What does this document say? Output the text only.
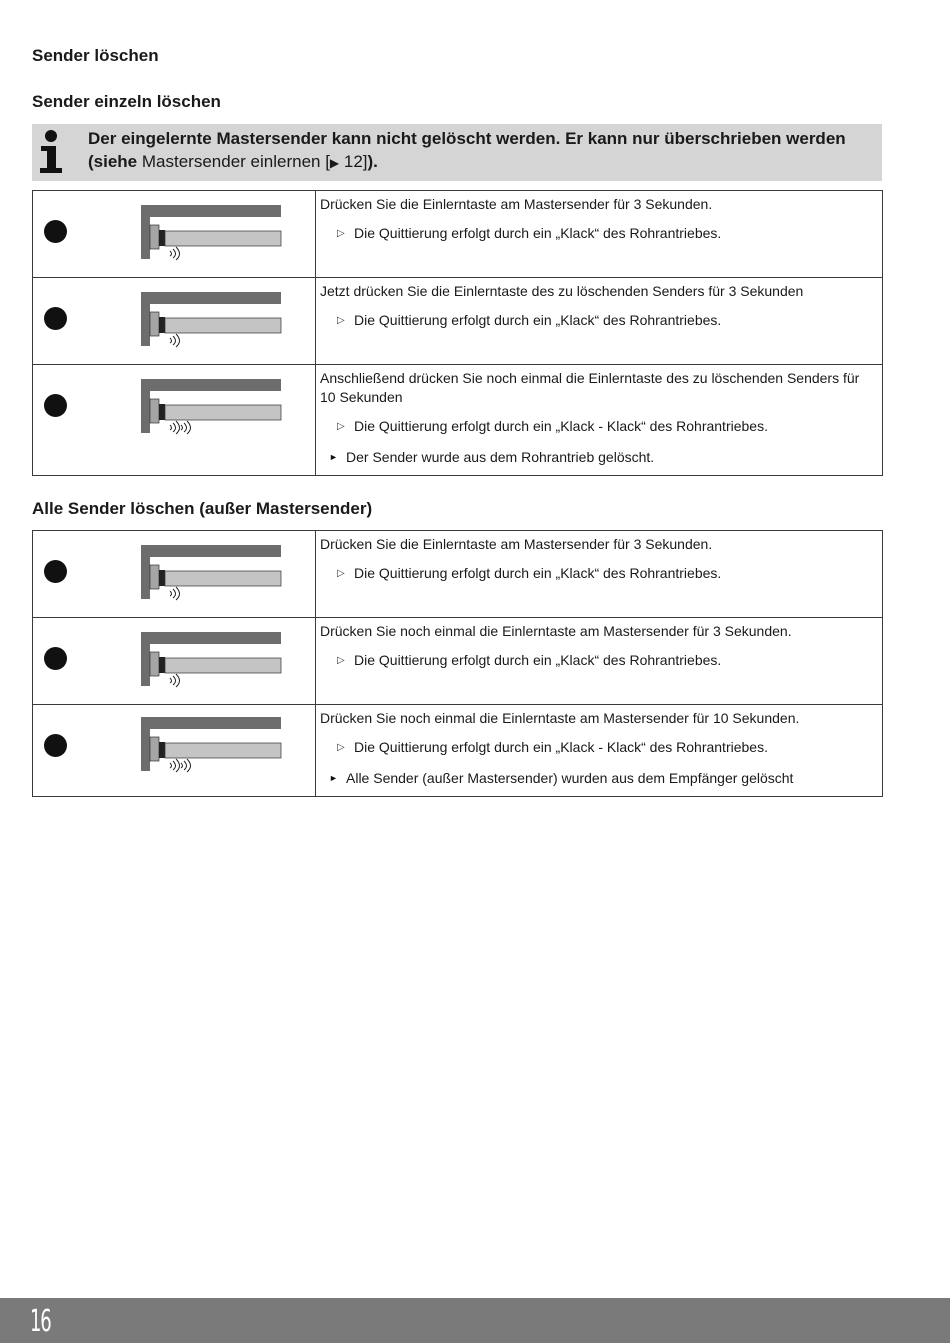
Sender löschen
Sender einzeln löschen
Der eingelernte Mastersender kann nicht gelöscht werden. Er kann nur überschrieben werden (siehe Mastersender einlernen [▶ 12]).

Drücken Sie die Einlerntaste am Mastersender für 3 Sekunden.
▷ Die Quittierung erfolgt durch ein „Klack“ des Rohrantriebes.

Jetzt drücken Sie die Einlerntaste des zu löschenden Senders für 3 Sekunden
▷ Die Quittierung erfolgt durch ein „Klack“ des Rohrantriebes.

Anschließend drücken Sie noch einmal die Einlerntaste des zu löschenden Senders für 10 Sekunden
▷ Die Quittierung erfolgt durch ein „Klack - Klack“ des Rohrantriebes.
► Der Sender wurde aus dem Rohrantrieb gelöscht.
Alle Sender löschen (außer Mastersender)

Drücken Sie die Einlerntaste am Mastersender für 3 Sekunden.
▷ Die Quittierung erfolgt durch ein „Klack“ des Rohrantriebes.

Drücken Sie noch einmal die Einlerntaste am Mastersender für 3 Sekunden.
▷ Die Quittierung erfolgt durch ein „Klack“ des Rohrantriebes.

Drücken Sie noch einmal die Einlerntaste am Mastersender für 10 Sekunden.
▷ Die Quittierung erfolgt durch ein „Klack - Klack“ des Rohrantriebes.
► Alle Sender (außer Mastersender) wurden aus dem Empfänger gelöscht
16
